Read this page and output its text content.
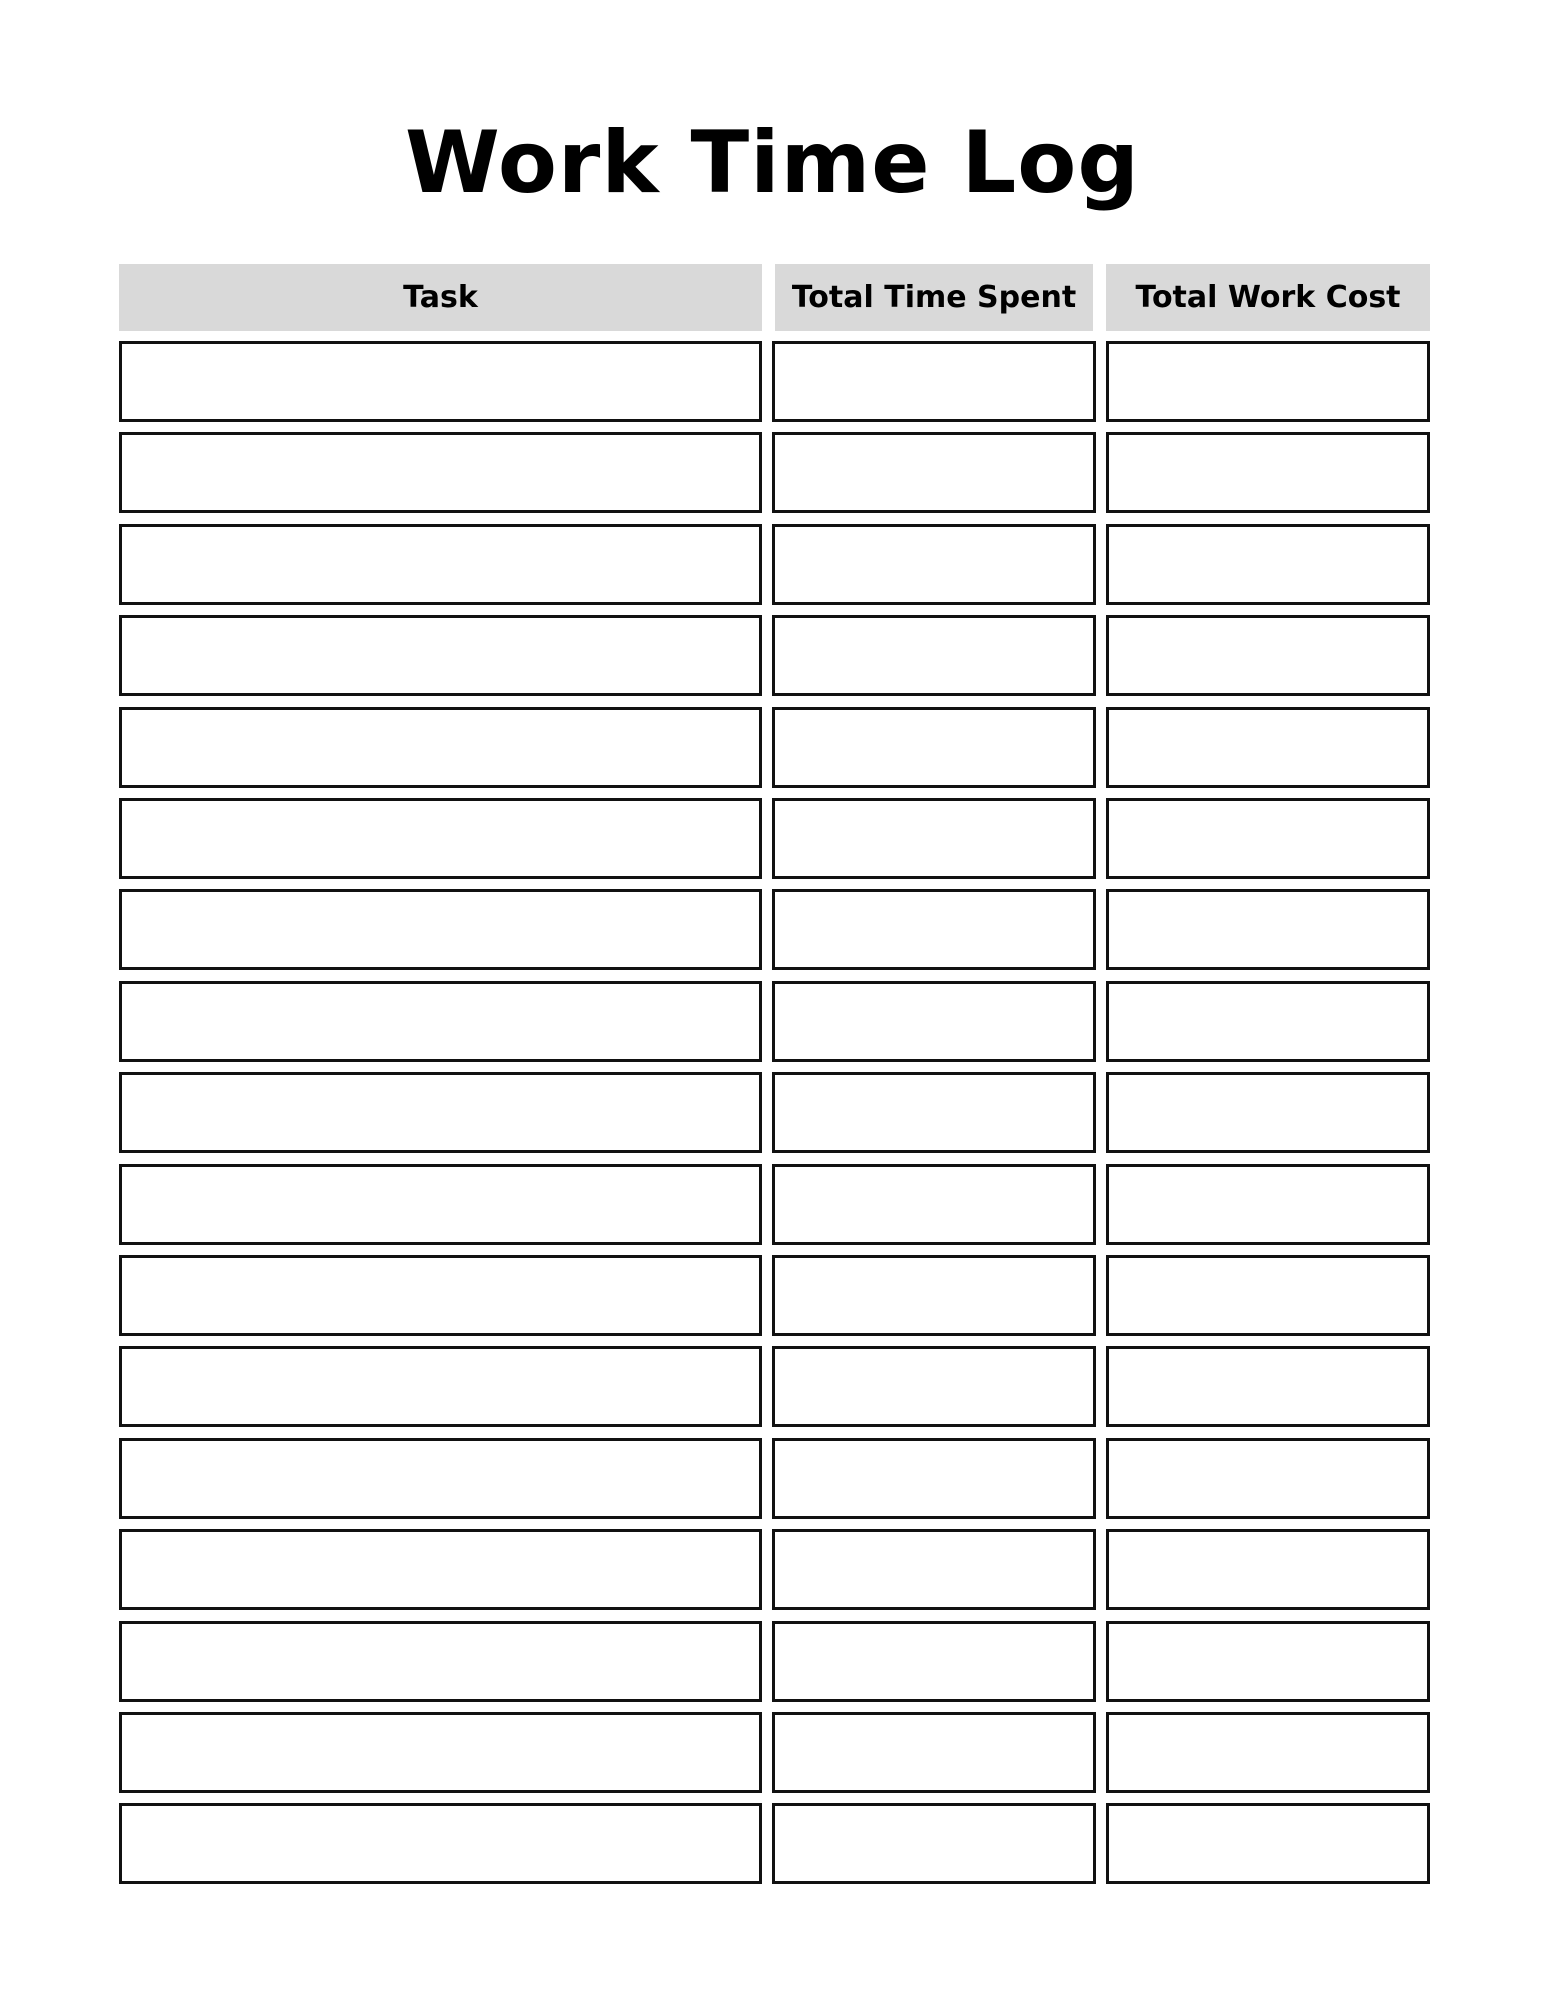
Work Time Log
Task	Total Time Spent	Total Work Cost
